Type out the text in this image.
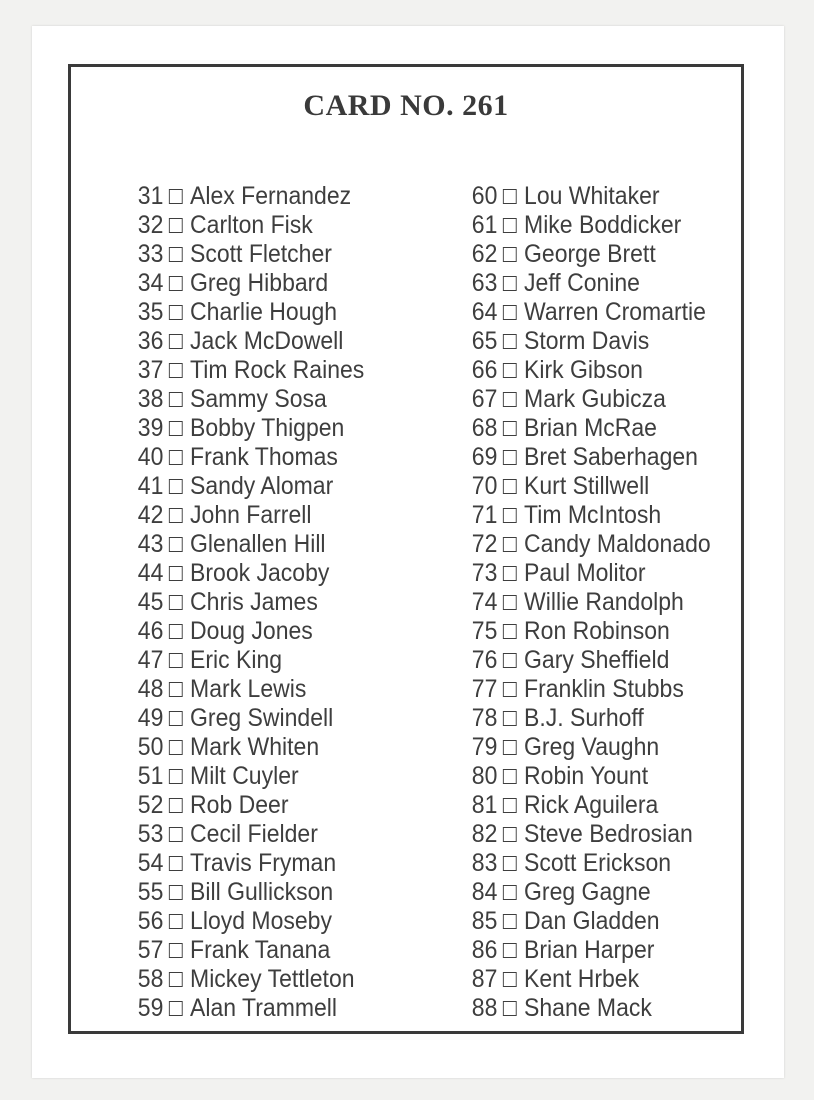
CARD NO. 261
31 Alex Fernandez
32 Carlton Fisk
33 Scott Fletcher
34 Greg Hibbard
35 Charlie Hough
36 Jack McDowell
37 Tim Rock Raines
38 Sammy Sosa
39 Bobby Thigpen
40 Frank Thomas
41 Sandy Alomar
42 John Farrell
43 Glenallen Hill
44 Brook Jacoby
45 Chris James
46 Doug Jones
47 Eric King
48 Mark Lewis
49 Greg Swindell
50 Mark Whiten
51 Milt Cuyler
52 Rob Deer
53 Cecil Fielder
54 Travis Fryman
55 Bill Gullickson
56 Lloyd Moseby
57 Frank Tanana
58 Mickey Tettleton
59 Alan Trammell
60 Lou Whitaker
61 Mike Boddicker
62 George Brett
63 Jeff Conine
64 Warren Cromartie
65 Storm Davis
66 Kirk Gibson
67 Mark Gubicza
68 Brian McRae
69 Bret Saberhagen
70 Kurt Stillwell
71 Tim McIntosh
72 Candy Maldonado
73 Paul Molitor
74 Willie Randolph
75 Ron Robinson
76 Gary Sheffield
77 Franklin Stubbs
78 B.J. Surhoff
79 Greg Vaughn
80 Robin Yount
81 Rick Aguilera
82 Steve Bedrosian
83 Scott Erickson
84 Greg Gagne
85 Dan Gladden
86 Brian Harper
87 Kent Hrbek
88 Shane Mack
